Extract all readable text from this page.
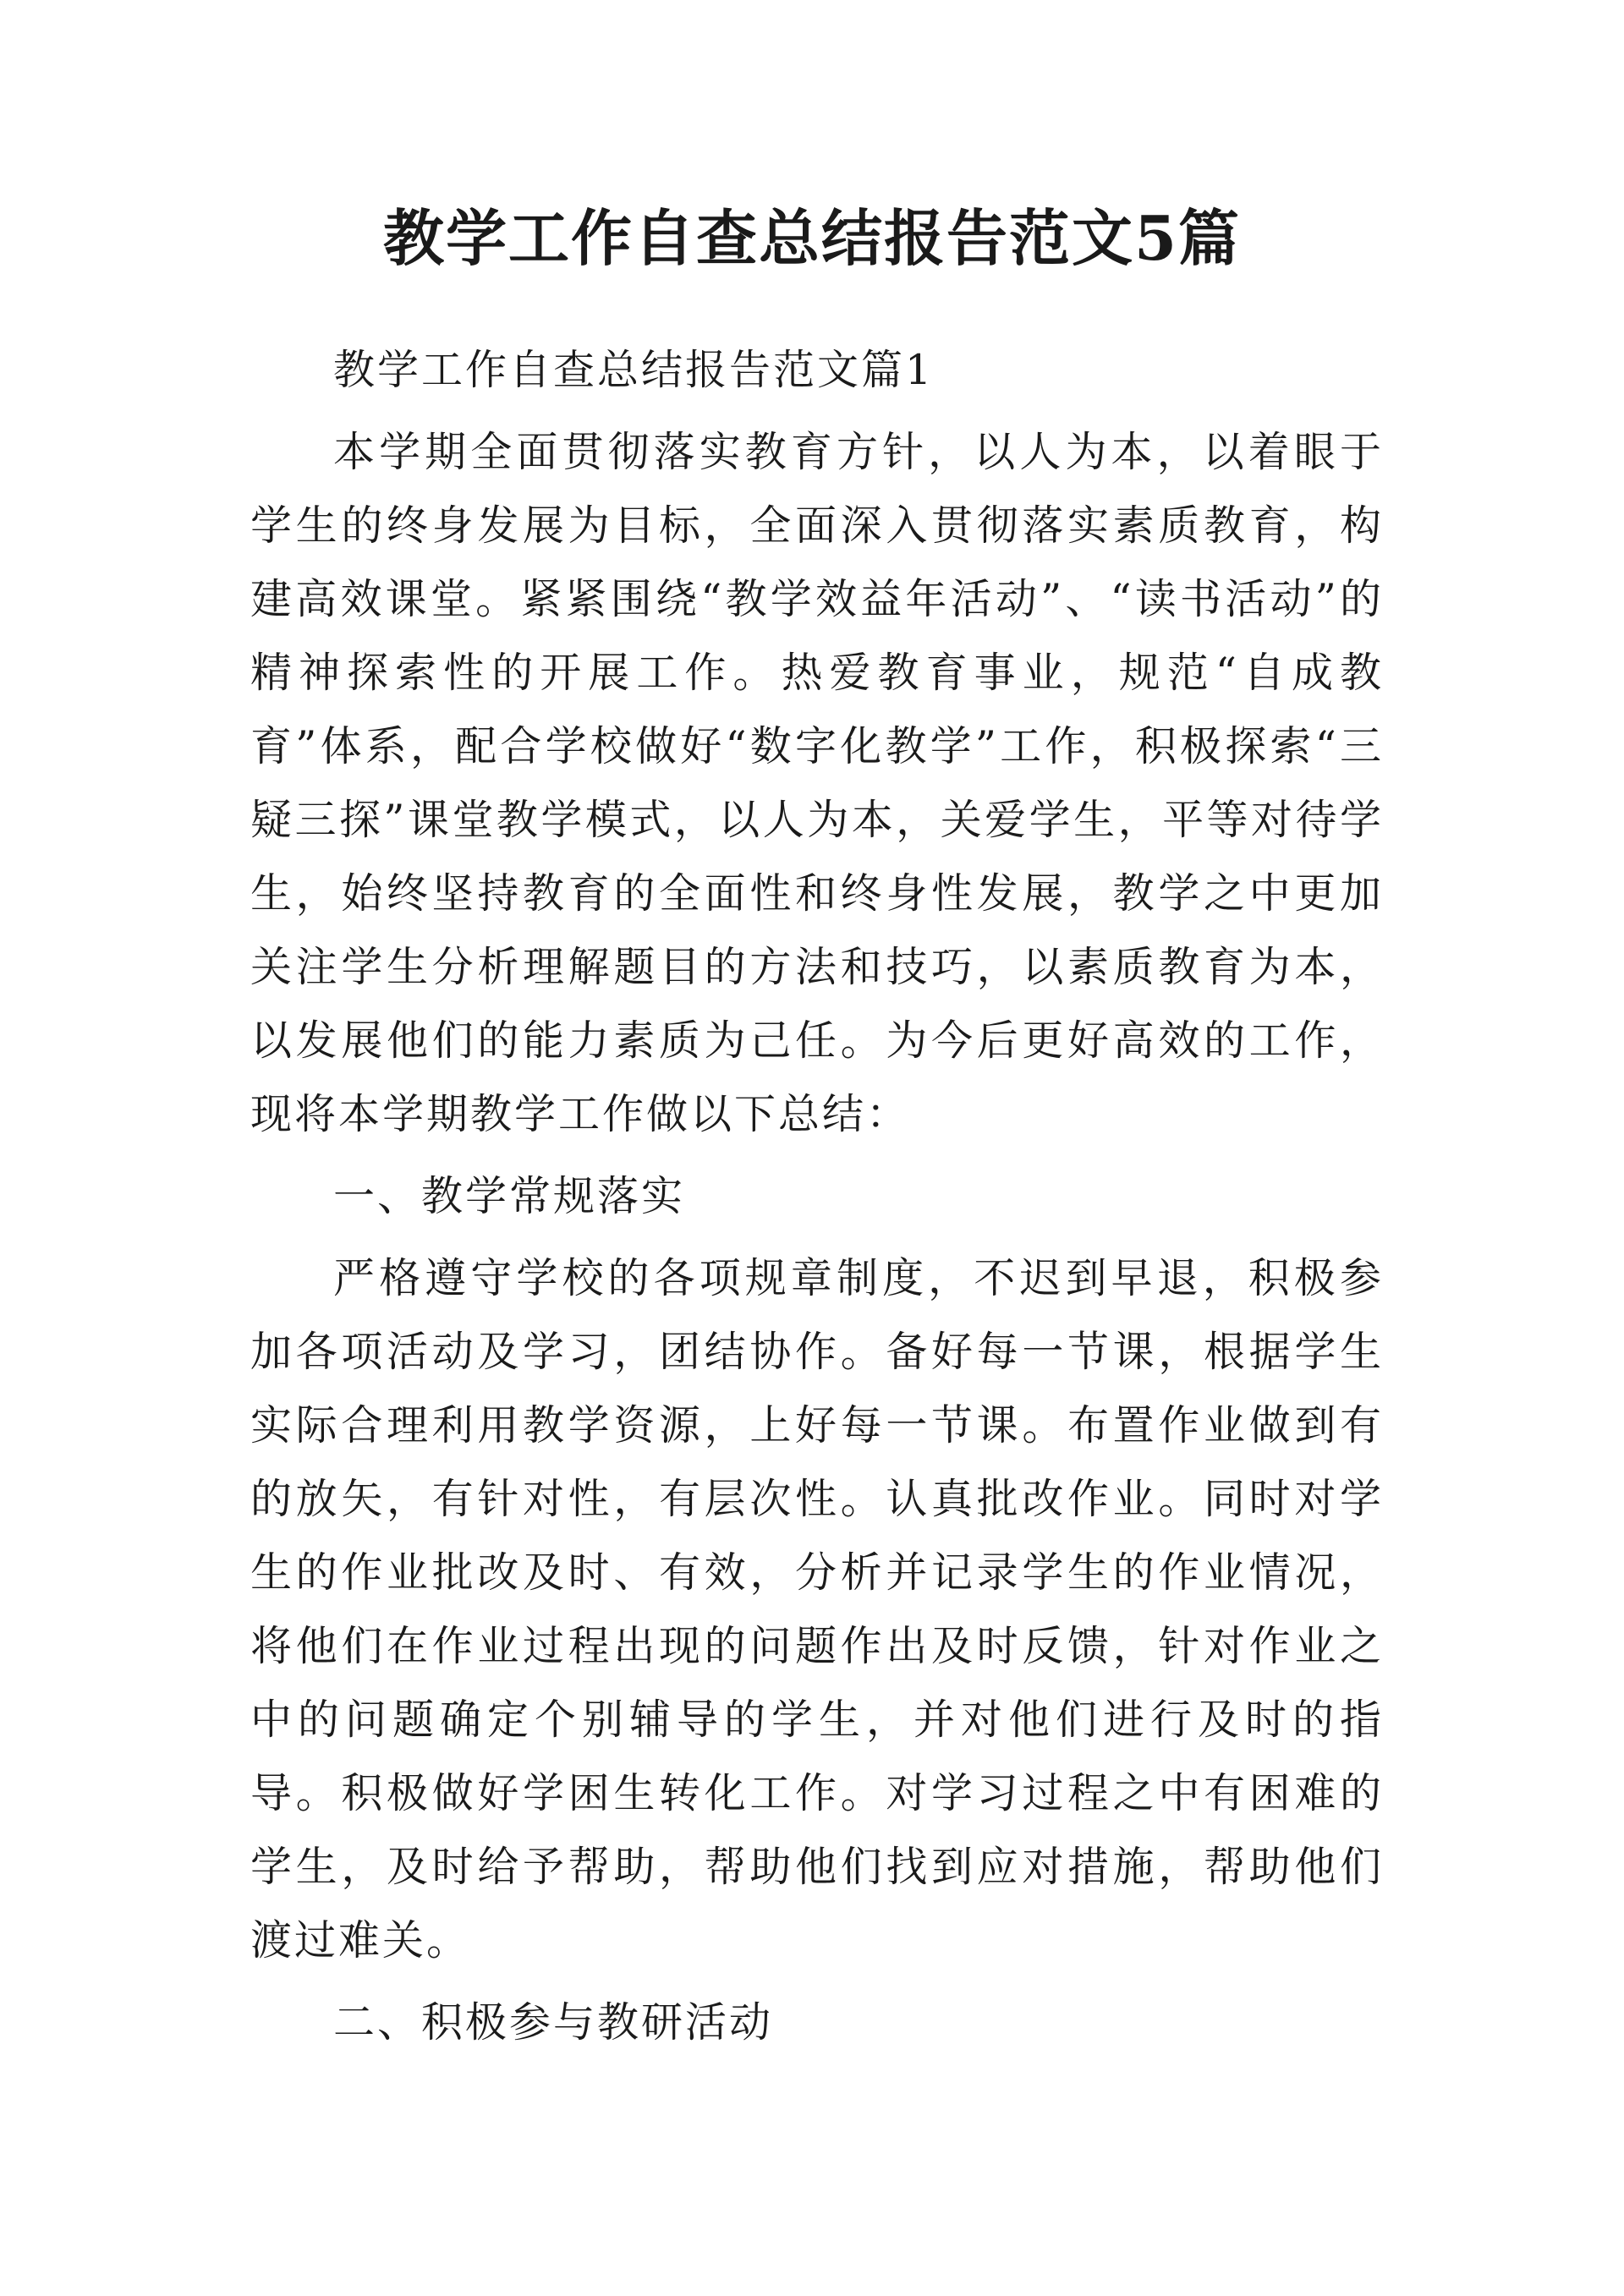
教学工作自查总结报告范文5篇

教学工作自查总结报告范文篇1

本学期全面贯彻落实教育方针，以人为本，以着眼于学生的终身发展为目标，全面深入贯彻落实素质教育，构建高效课堂。紧紧围绕“教学效益年活动”、“读书活动”的精神探索性的开展工作。热爱教育事业，规范“自成教育”体系，配合学校做好“数字化教学”工作，积极探索“三疑三探”课堂教学模式，以人为本，关爱学生，平等对待学生，始终坚持教育的全面性和终身性发展，教学之中更加关注学生分析理解题目的方法和技巧，以素质教育为本，以发展他们的能力素质为己任。为今后更好高效的工作，现将本学期教学工作做以下总结：

一、教学常规落实

严格遵守学校的各项规章制度，不迟到早退，积极参加各项活动及学习，团结协作。备好每一节课，根据学生实际合理利用教学资源，上好每一节课。布置作业做到有的放矢，有针对性，有层次性。认真批改作业。同时对学生的作业批改及时、有效，分析并记录学生的作业情况，将他们在作业过程出现的问题作出及时反馈，针对作业之中的问题确定个别辅导的学生，并对他们进行及时的指导。积极做好学困生转化工作。对学习过程之中有困难的学生，及时给予帮助，帮助他们找到应对措施，帮助他们渡过难关。

二、积极参与教研活动
